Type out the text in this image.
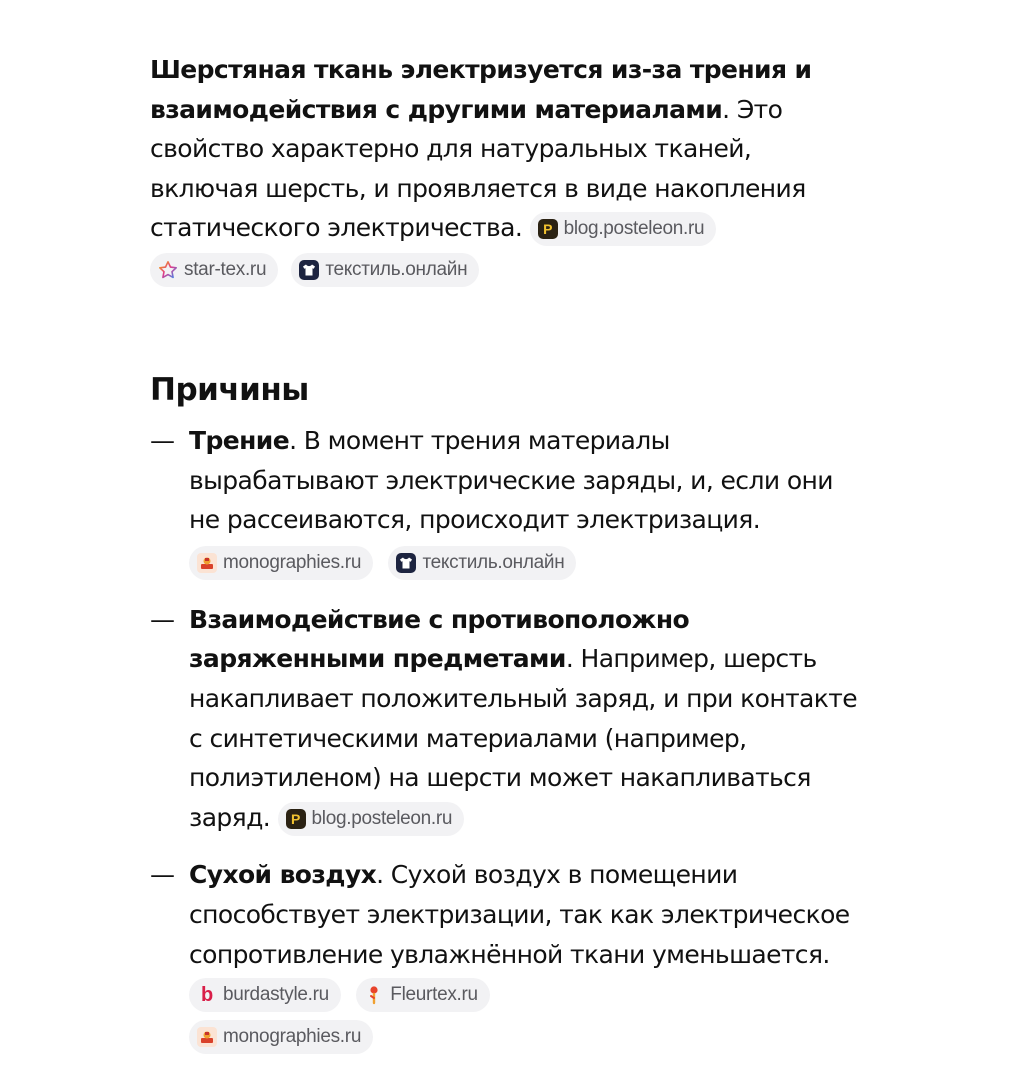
Шерстяная ткань электризуется из-за трения и взаимодействия с другими материалами. Это свойство характерно для натуральных тканей, включая шерсть, и проявляется в виде накопления статического электричества.	P blog.posteleon.ru

star-tex.ru
	текстиль.онлайн
Причины
— Трение. В момент трения материалы вырабатывают электрические заряды, и, если они не рассеиваются, происходит электризация.
monographies.ru
	текстиль.онлайн
— Взаимодействие с противоположно заряженными предметами. Например, шерсть накапливает положительный заряд, и при контакте с синтетическими материалами (например, полиэтиленом) на шерсти может накапливаться заряд.	P blog.posteleon.ru
— Сухой воздух. Сухой воздух в помещении способствует электризации, так как электрическое сопротивление увлажнённой ткани уменьшается.
b burdastyle.ru
	Fleurtex.ru
monographies.ru
